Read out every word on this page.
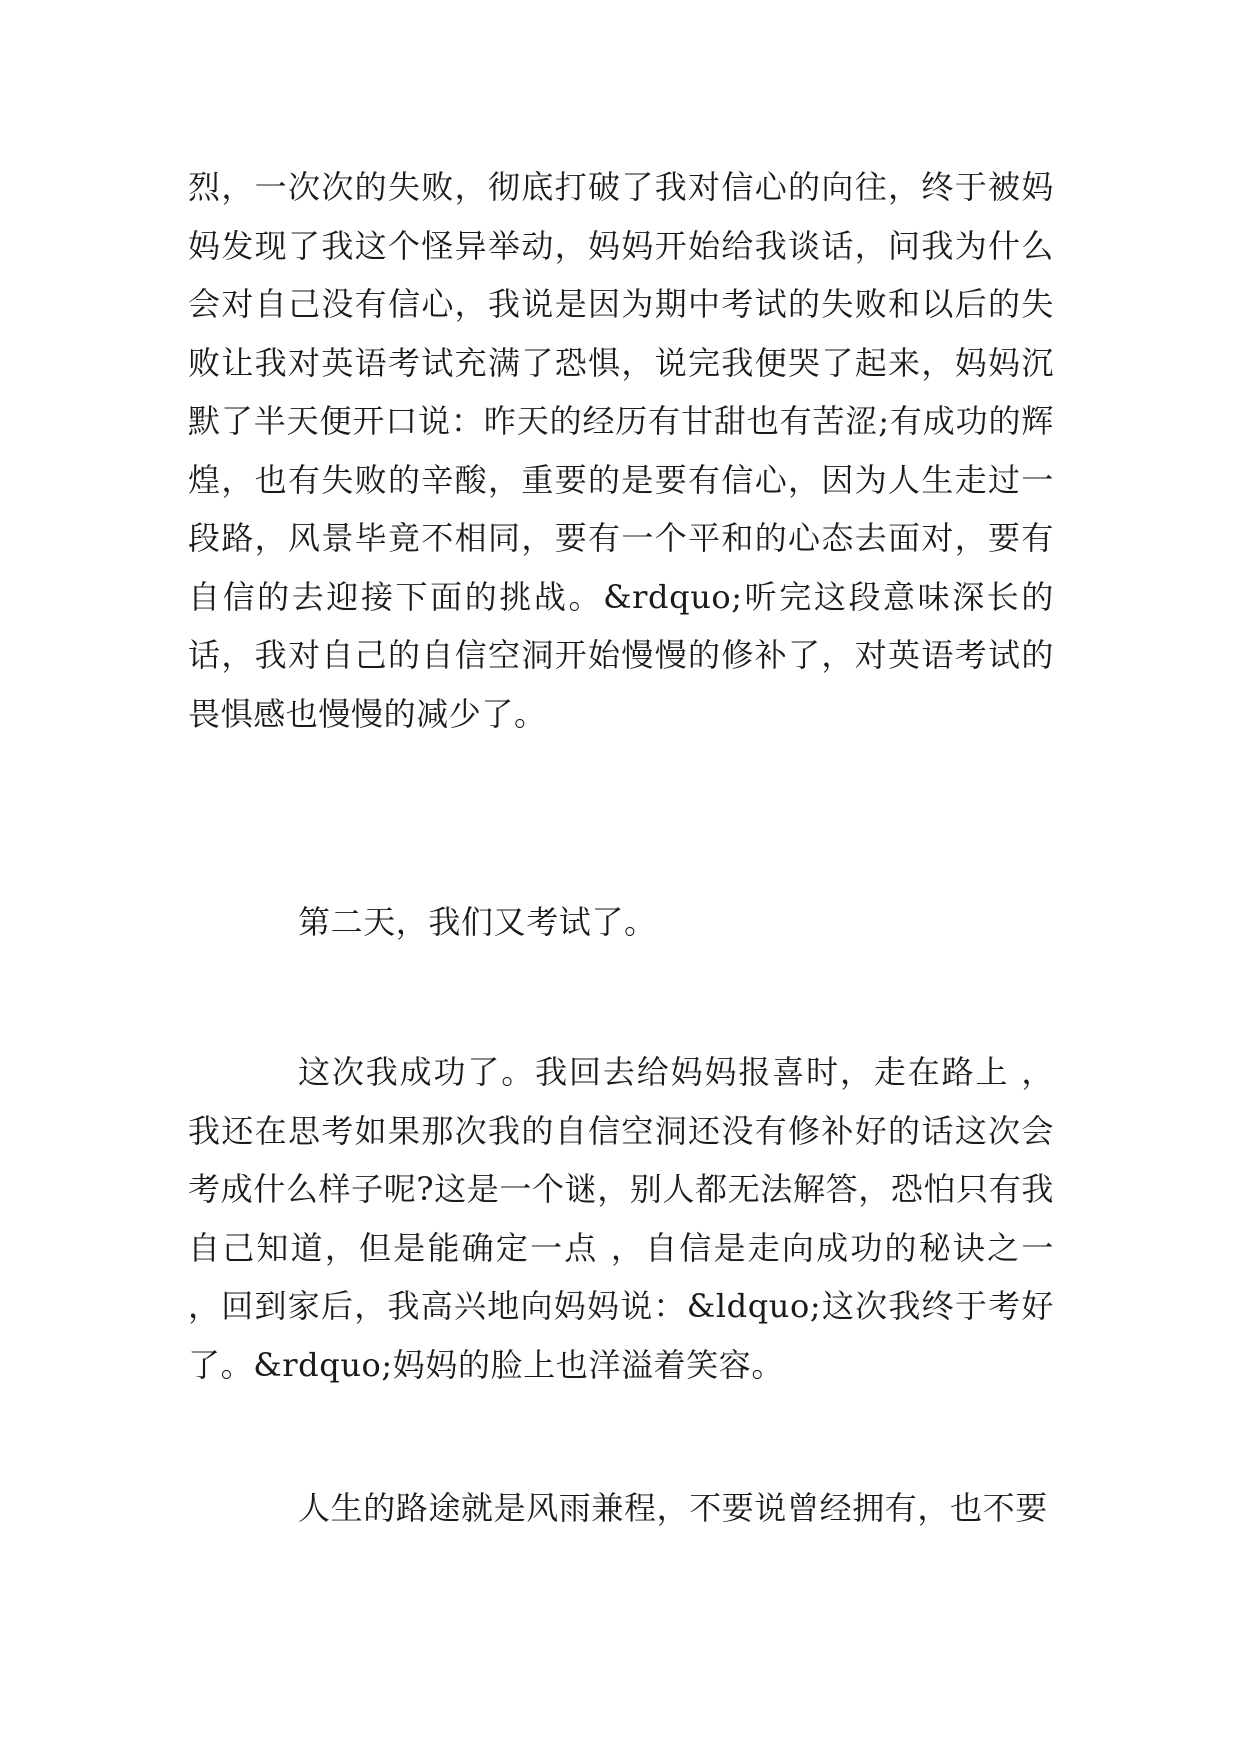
烈，一次次的失败，彻底打破了我对信心的向往，终于被妈妈发现了我这个怪异举动，妈妈开始给我谈话，问我为什么会对自己没有信心，我说是因为期中考试的失败和以后的失败让我对英语考试充满了恐惧，说完我便哭了起来，妈妈沉默了半天便开口说：昨天的经历有甘甜也有苦涩;有成功的辉煌，也有失败的辛酸，重要的是要有信心，因为人生走过一段路，风景毕竟不相同，要有一个平和的心态去面对，要有自信的去迎接下面的挑战。&rdquo;听完这段意味深长的话，我对自己的自信空洞开始慢慢的修补了，对英语考试的畏惧感也慢慢的减少了。

第二天，我们又考试了。

这次我成功了。我回去给妈妈报喜时，走在路上 ，我还在思考如果那次我的自信空洞还没有修补好的话这次会考成什么样子呢?这是一个谜，别人都无法解答，恐怕只有我自己知道，但是能确定一点 ，自信是走向成功的秘诀之一 ，回到家后，我高兴地向妈妈说：&ldquo;这次我终于考好了。&rdquo;妈妈的脸上也洋溢着笑容。

人生的路途就是风雨兼程，不要说曾经拥有，也不要
